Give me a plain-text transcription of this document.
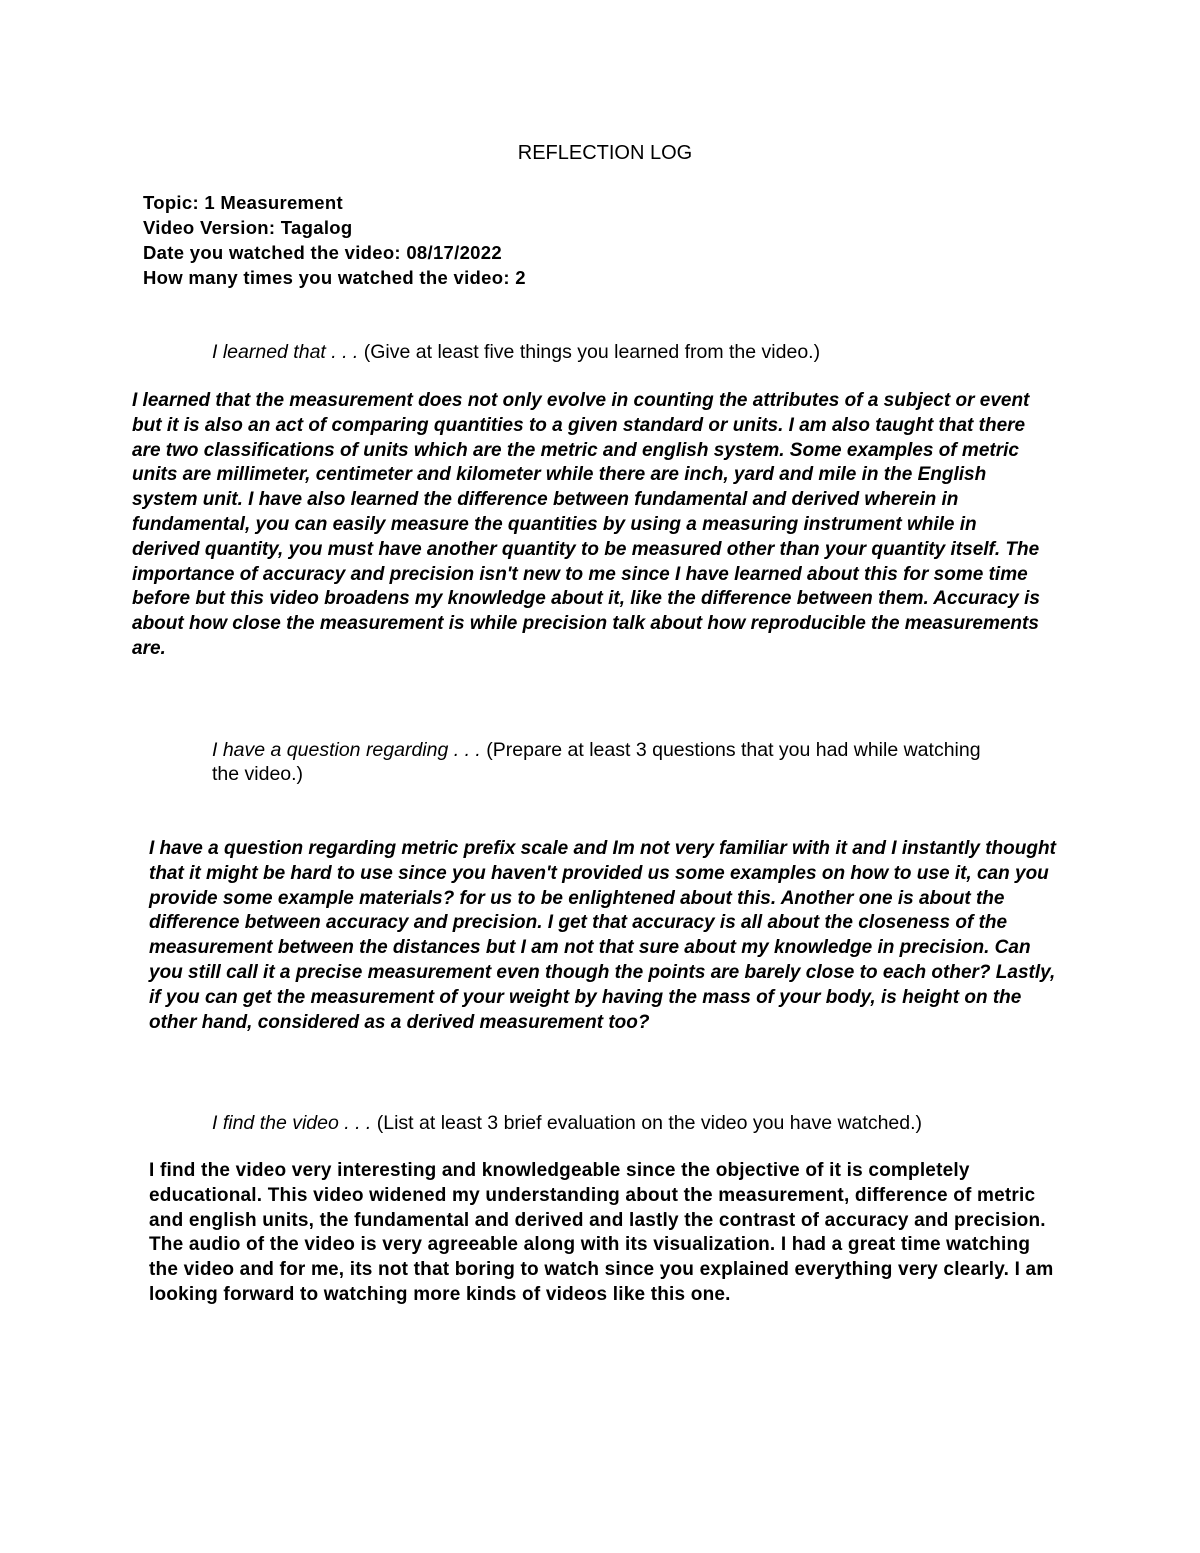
REFLECTION LOG
Topic: 1 Measurement
Video Version: Tagalog
Date you watched the video: 08/17/2022
How many times you watched the video: 2
I learned that . . . (Give at least five things you learned from the video.)

I learned that the measurement does not only evolve in counting the attributes of a subject or event but it is also an act of comparing quantities to a given standard or units. I am also taught that there are two classifications of units which are the metric and english system. Some examples of metric units are millimeter, centimeter and kilometer while there are inch, yard and mile in the English system unit. I have also learned the difference between fundamental and derived wherein in fundamental, you can easily measure the quantities by using a measuring instrument while in derived quantity, you must have another quantity to be measured other than your quantity itself. The importance of accuracy and precision isn't new to me since I have learned about this for some time before but this video broadens my knowledge about it, like the difference between them. Accuracy is about how close the measurement is while precision talk about how reproducible the measurements are.

I have a question regarding . . . (Prepare at least 3 questions that you had while watching the video.)

I have a question regarding metric prefix scale and Im not very familiar with it and I instantly thought that it might be hard to use since you haven't provided us some examples on how to use it, can you provide some example materials? for us to be enlightened about this. Another one is about the difference between accuracy and precision. I get that accuracy is all about the closeness of the measurement between the distances but I am not that sure about my knowledge in precision. Can you still call it a precise measurement even though the points are barely close to each other? Lastly, if you can get the measurement of your weight by having the mass of your body, is height on the other hand, considered as a derived measurement too?

I find the video . . . (List at least 3 brief evaluation on the video you have watched.)

I find the video very interesting and knowledgeable since the objective of it is completely educational. This video widened my understanding about the measurement, difference of metric and english units, the fundamental and derived and lastly the contrast of accuracy and precision. The audio of the video is very agreeable along with its visualization. I had a great time watching the video and for me, its not that boring to watch since you explained everything very clearly. I am looking forward to watching more kinds of videos like this one.
